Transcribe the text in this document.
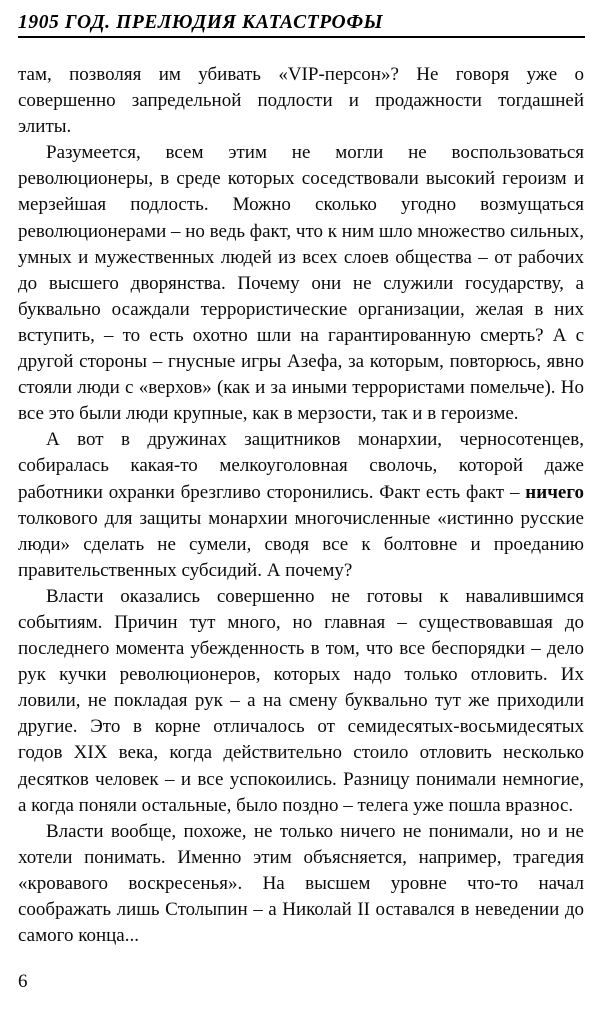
1905 ГОД. ПРЕЛЮДИЯ КАТАСТРОФЫ

там, позволяя им убивать «VIP-персон»? Не говоря уже о совершенно запредельной подлости и продажности тогдашней элиты.

Разумеется, всем этим не могли не воспользоваться революционеры, в среде которых соседствовали высокий героизм и мерзейшая подлость. Можно сколько угодно возмущаться революционерами – но ведь факт, что к ним шло множество сильных, умных и мужественных людей из всех слоев общества – от рабочих до высшего дворянства. Почему они не служили государству, а буквально осаждали террористические организации, желая в них вступить, – то есть охотно шли на гарантированную смерть? А с другой стороны – гнусные игры Азефа, за которым, повторюсь, явно стояли люди с «верхов» (как и за иными террористами помельче). Но все это были люди крупные, как в мерзости, так и в героизме.

А вот в дружинах защитников монархии, черносотенцев, собиралась какая-то мелкоуголовная сволочь, которой даже работники охранки брезгливо сторонились. Факт есть факт – ничего толкового для защиты монархии многочисленные «истинно русские люди» сделать не сумели, сводя все к болтовне и проеданию правительственных субсидий. А почему?

Власти оказались совершенно не готовы к навалившимся событиям. Причин тут много, но главная – существовавшая до последнего момента убежденность в том, что все беспорядки – дело рук кучки революционеров, которых надо только отловить. Их ловили, не покладая рук – а на смену буквально тут же приходили другие. Это в корне отличалось от семидесятых-восьмидесятых годов XIX века, когда действительно стоило отловить несколько десятков человек – и все успокоились. Разницу понимали немногие, а когда поняли остальные, было поздно – телега уже пошла вразнос.

Власти вообще, похоже, не только ничего не понимали, но и не хотели понимать. Именно этим объясняется, например, трагедия «кровавого воскресенья». На высшем уровне что-то начал соображать лишь Столыпин – а Николай II оставался в неведении до самого конца...

6
